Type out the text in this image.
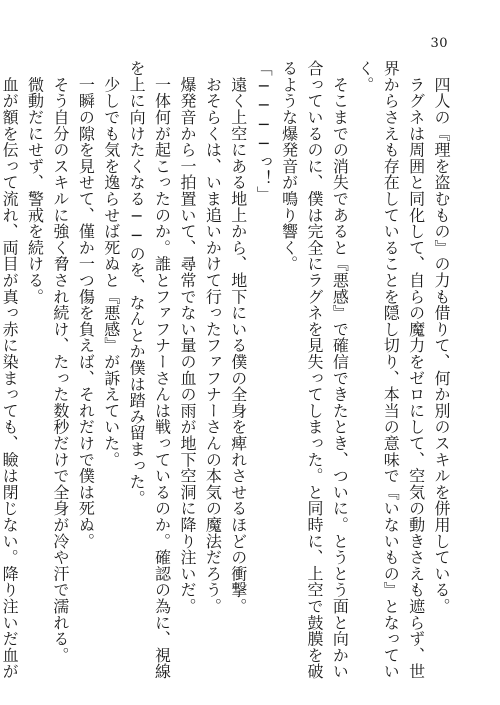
30

　四人の『理を盗むもの』の力も借りて、何か別のスキルを併用している。

　ラグネは周囲と同化して、自らの魔力をゼロにして、空気の動きさえも遮らず、世界からさえも存在していることを隠し切り、本当の意味で『いないもの』となっていく。

　そこまでの消失であると『悪感』で確信できたとき、ついに。とうとう面と向かい合っているのに、僕は完全にラグネを見失ってしまった。と同時に、上空で鼓膜を破るような爆発音が鳴り響く。

「────っ！」

　遠く上空にある地上から、地下にいる僕の全身を痺れさせるほどの衝撃。

　おそらくは、いま追いかけて行ったファフナーさんの本気の魔法だろう。

　爆発音から一拍置いて、尋常でない量の血の雨が地下空洞に降り注いだ。

　一体何が起こったのか。誰とファフナーさんは戦っているのか。確認の為に、視線を上に向けたくなる──のを、なんとか僕は踏み留まった。

　少しでも気を逸らせば死ぬと『悪感』が訴えていた。

　一瞬の隙を見せて、僅か一つ傷を負えば、それだけで僕は死ぬ。

　そう自分のスキルに強く脅され続け、たった数秒だけで全身が冷や汗で濡れる。

　微動だにせず、警戒を続ける。

　血が額を伝って流れ、両目が真っ赤に染まっても、瞼は閉じない。降り注いだ血が
